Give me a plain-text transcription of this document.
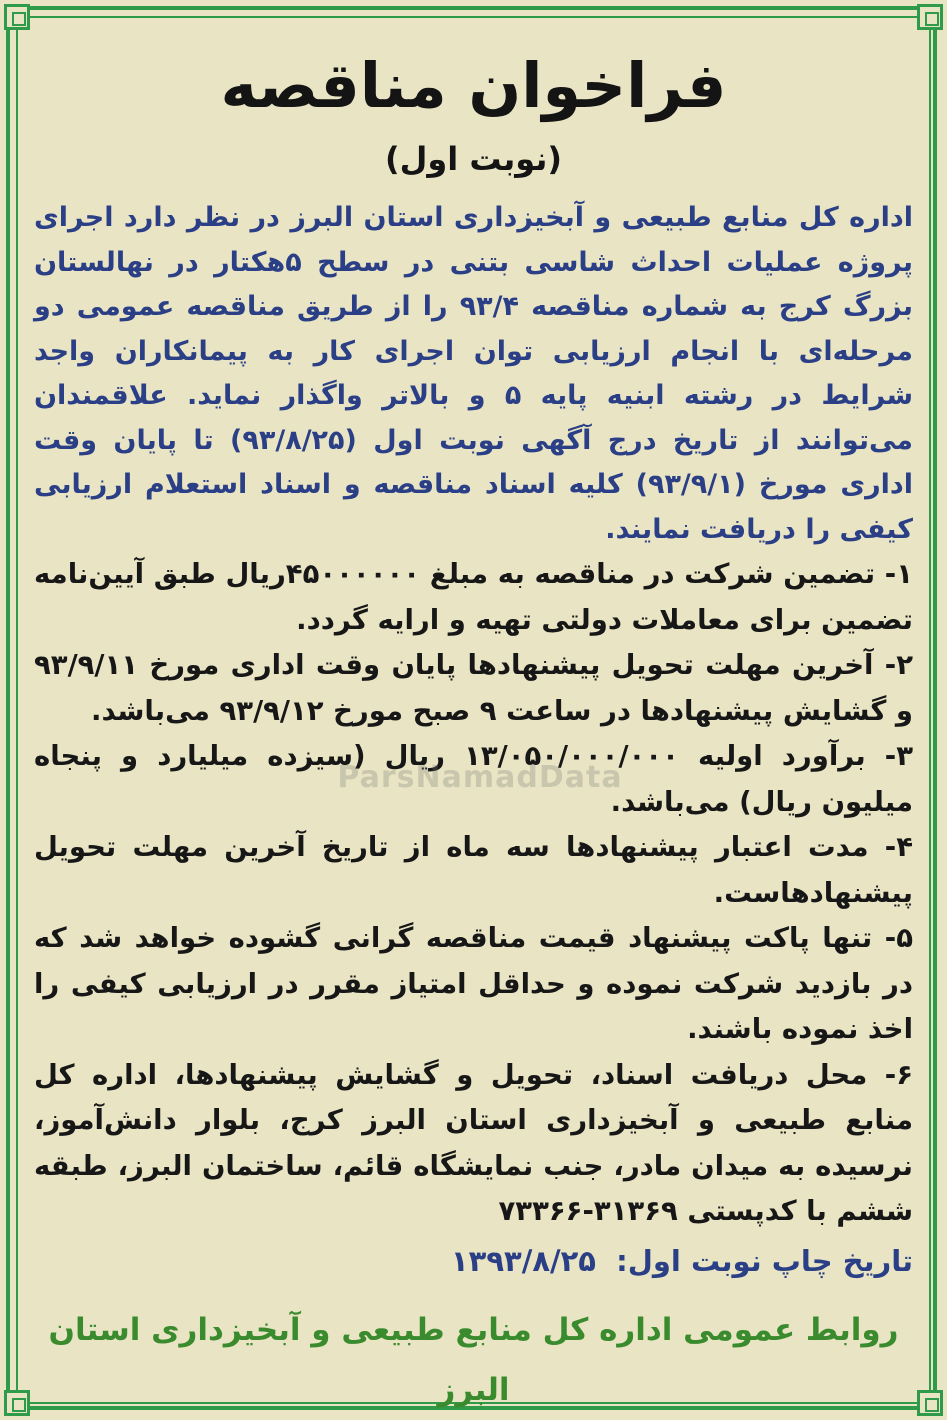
فراخوان مناقصه
(نوبت اول)

اداره کل منابع طبیعی و آبخیزداری استان البرز در نظر دارد اجرای پروژه عملیات احداث شاسی بتنی در سطح ۵هکتار در نهالستان بزرگ کرج به شماره مناقصه ۹۳/۴ را از طریق مناقصه عمومی دو مرحله‌ای با انجام ارزیابی توان اجرای کار به پیمانکاران واجد شرایط در رشته ابنیه پایه ۵ و بالاتر واگذار نماید. علاقمندان می‌توانند از تاریخ درج آگهی نوبت اول (۹۳/۸/۲۵) تا پایان وقت اداری مورخ (۹۳/۹/۱) کلیه اسناد مناقصه و اسناد استعلام ارزیابی کیفی را دریافت نمایند.

۱- تضمین شرکت در مناقصه به مبلغ ۴۵۰۰۰۰۰۰ریال طبق آیین‌نامه تضمین برای معاملات دولتی تهیه و ارایه گردد.
۲- آخرین مهلت تحویل پیشنهادها پایان وقت اداری مورخ ۹۳/۹/۱۱ و گشایش پیشنهادها در ساعت ۹ صبح مورخ ۹۳/۹/۱۲ می‌باشد.
۳- برآورد اولیه ۱۳/۰۵۰/۰۰۰/۰۰۰ ریال (سیزده میلیارد و پنجاه میلیون ریال) می‌باشد.
۴- مدت اعتبار پیشنهادها سه ماه از تاریخ آخرین مهلت تحویل پیشنهادهاست.
۵- تنها پاکت پیشنهاد قیمت مناقصه گرانی گشوده خواهد شد که در بازدید شرکت نموده و حداقل امتیاز مقرر در ارزیابی کیفی را اخذ نموده باشند.
۶- محل دریافت اسناد، تحویل و گشایش پیشنهادها، اداره کل منابع طبیعی و آبخیزداری استان البرز کرج، بلوار دانش‌آموز، نرسیده به میدان مادر، جنب نمایشگاه قائم، ساختمان البرز، طبقه ششم با کدپستی ۳۱۳۶۹-۷۳۳۶۶

تاریخ چاپ نوبت اول: ۱۳۹۳/۸/۲۵

روابط عمومی اداره کل منابع طبیعی و آبخیزداری استان البرز
ParsNamadData
